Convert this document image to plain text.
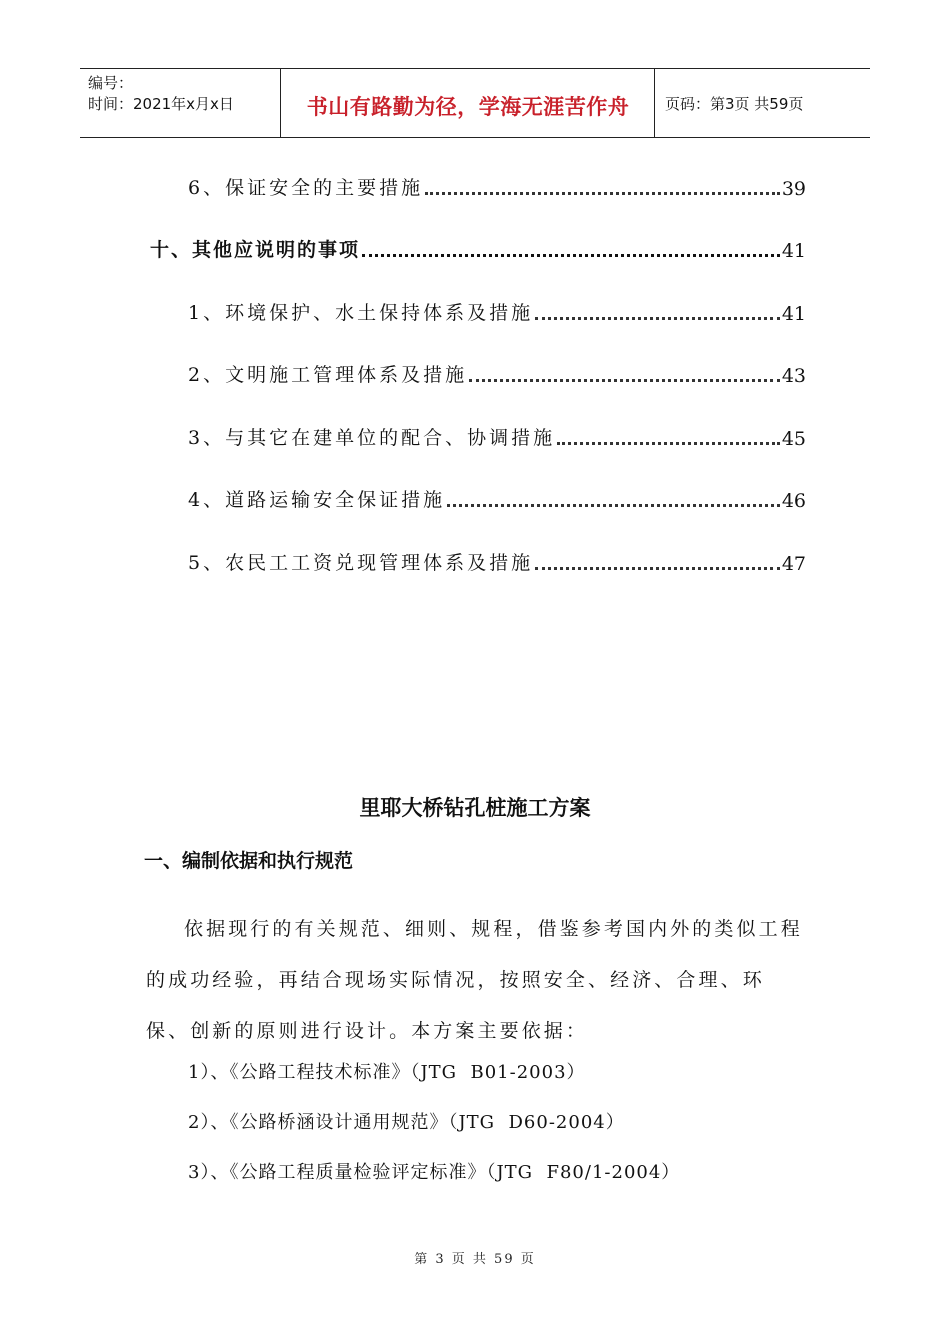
编号：
时间：2021年x月x日	书山有路勤为径，学海无涯苦作舟	页码：第3页 共59页
6、保证安全的主要措施	39
十、其他应说明的事项	41
1、环境保护、水土保持体系及措施	41
2、文明施工管理体系及措施	43
3、与其它在建单位的配合、协调措施	45
4、道路运输安全保证措施	46
5、农民工工资兑现管理体系及措施	47
里耶大桥钻孔桩施工方案
一、编制依据和执行规范

依据现行的有关规范、细则、规程，借鉴参考国内外的类似工程的成功经验，再结合现场实际情况，按照安全、经济、合理、环保、创新的原则进行设计。本方案主要依据：

1）、《公路工程技术标准》（JTG  B01-2003）
2）、《公路桥涵设计通用规范》（JTG  D60-2004）
3）、《公路工程质量检验评定标准》（JTG  F80/1-2004）
第 3 页 共 59 页
